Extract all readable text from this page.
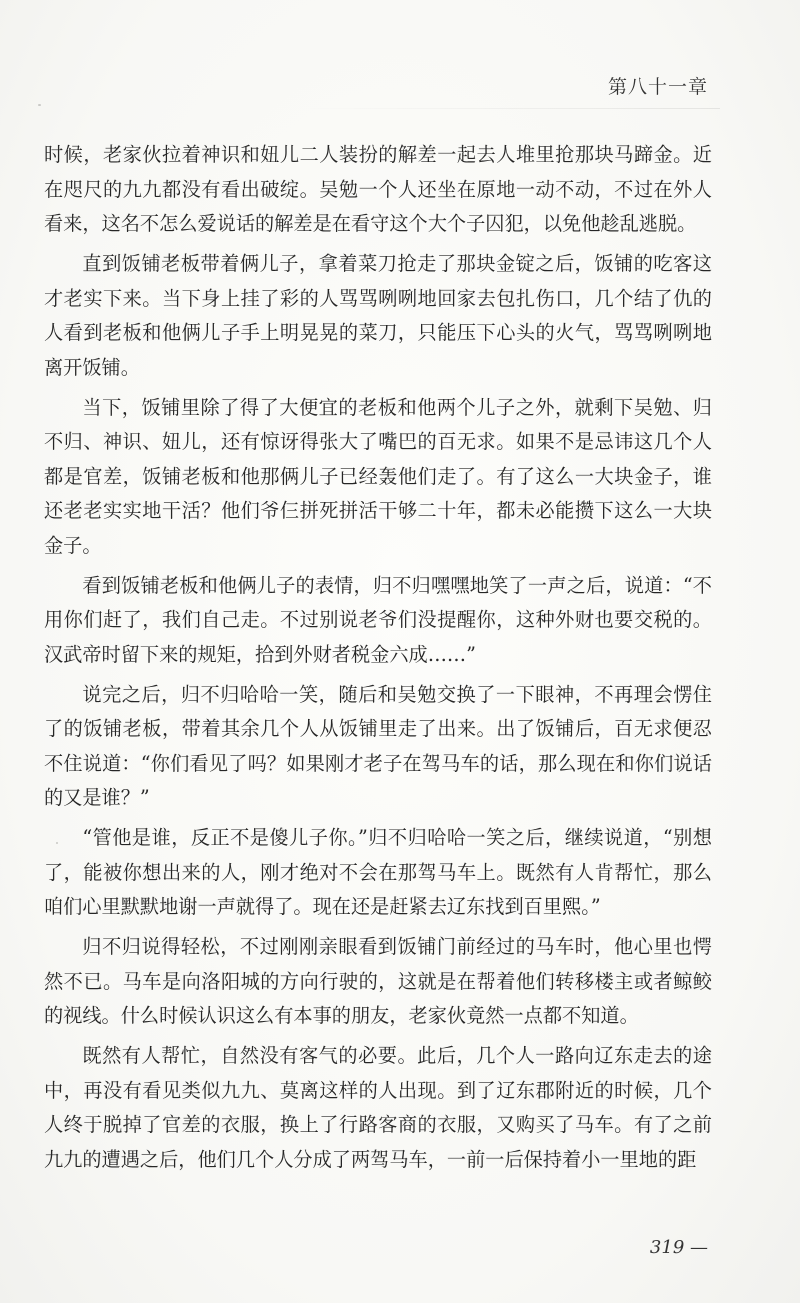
第八十一章

时候，老家伙拉着神识和妞儿二人装扮的解差一起去人堆里抢那块马蹄金。近在咫尺的九九都没有看出破绽。吴勉一个人还坐在原地一动不动，不过在外人看来，这名不怎么爱说话的解差是在看守这个大个子囚犯，以免他趁乱逃脱。

直到饭铺老板带着俩儿子，拿着菜刀抢走了那块金锭之后，饭铺的吃客这才老实下来。当下身上挂了彩的人骂骂咧咧地回家去包扎伤口，几个结了仇的人看到老板和他俩儿子手上明晃晃的菜刀，只能压下心头的火气，骂骂咧咧地离开饭铺。

当下，饭铺里除了得了大便宜的老板和他两个儿子之外，就剩下吴勉、归不归、神识、妞儿，还有惊讶得张大了嘴巴的百无求。如果不是忌讳这几个人都是官差，饭铺老板和他那俩儿子已经轰他们走了。有了这么一大块金子，谁还老老实实地干活？他们爷仨拼死拼活干够二十年，都未必能攒下这么一大块金子。

看到饭铺老板和他俩儿子的表情，归不归嘿嘿地笑了一声之后，说道：“不用你们赶了，我们自己走。不过别说老爷们没提醒你，这种外财也要交税的。汉武帝时留下来的规矩，拾到外财者税金六成……”

说完之后，归不归哈哈一笑，随后和吴勉交换了一下眼神，不再理会愣住了的饭铺老板，带着其余几个人从饭铺里走了出来。出了饭铺后，百无求便忍不住说道：“你们看见了吗？如果刚才老子在驾马车的话，那么现在和你们说话的又是谁？”

“管他是谁，反正不是傻儿子你。”归不归哈哈一笑之后，继续说道，“别想了，能被你想出来的人，刚才绝对不会在那驾马车上。既然有人肯帮忙，那么咱们心里默默地谢一声就得了。现在还是赶紧去辽东找到百里熙。”

归不归说得轻松，不过刚刚亲眼看到饭铺门前经过的马车时，他心里也愕然不已。马车是向洛阳城的方向行驶的，这就是在帮着他们转移楼主或者鲸鲛的视线。什么时候认识这么有本事的朋友，老家伙竟然一点都不知道。

既然有人帮忙，自然没有客气的必要。此后，几个人一路向辽东走去的途中，再没有看见类似九九、莫离这样的人出现。到了辽东郡附近的时候，几个人终于脱掉了官差的衣服，换上了行路客商的衣服，又购买了马车。有了之前九九的遭遇之后，他们几个人分成了两驾马车，一前一后保持着小一里地的距

319 —
